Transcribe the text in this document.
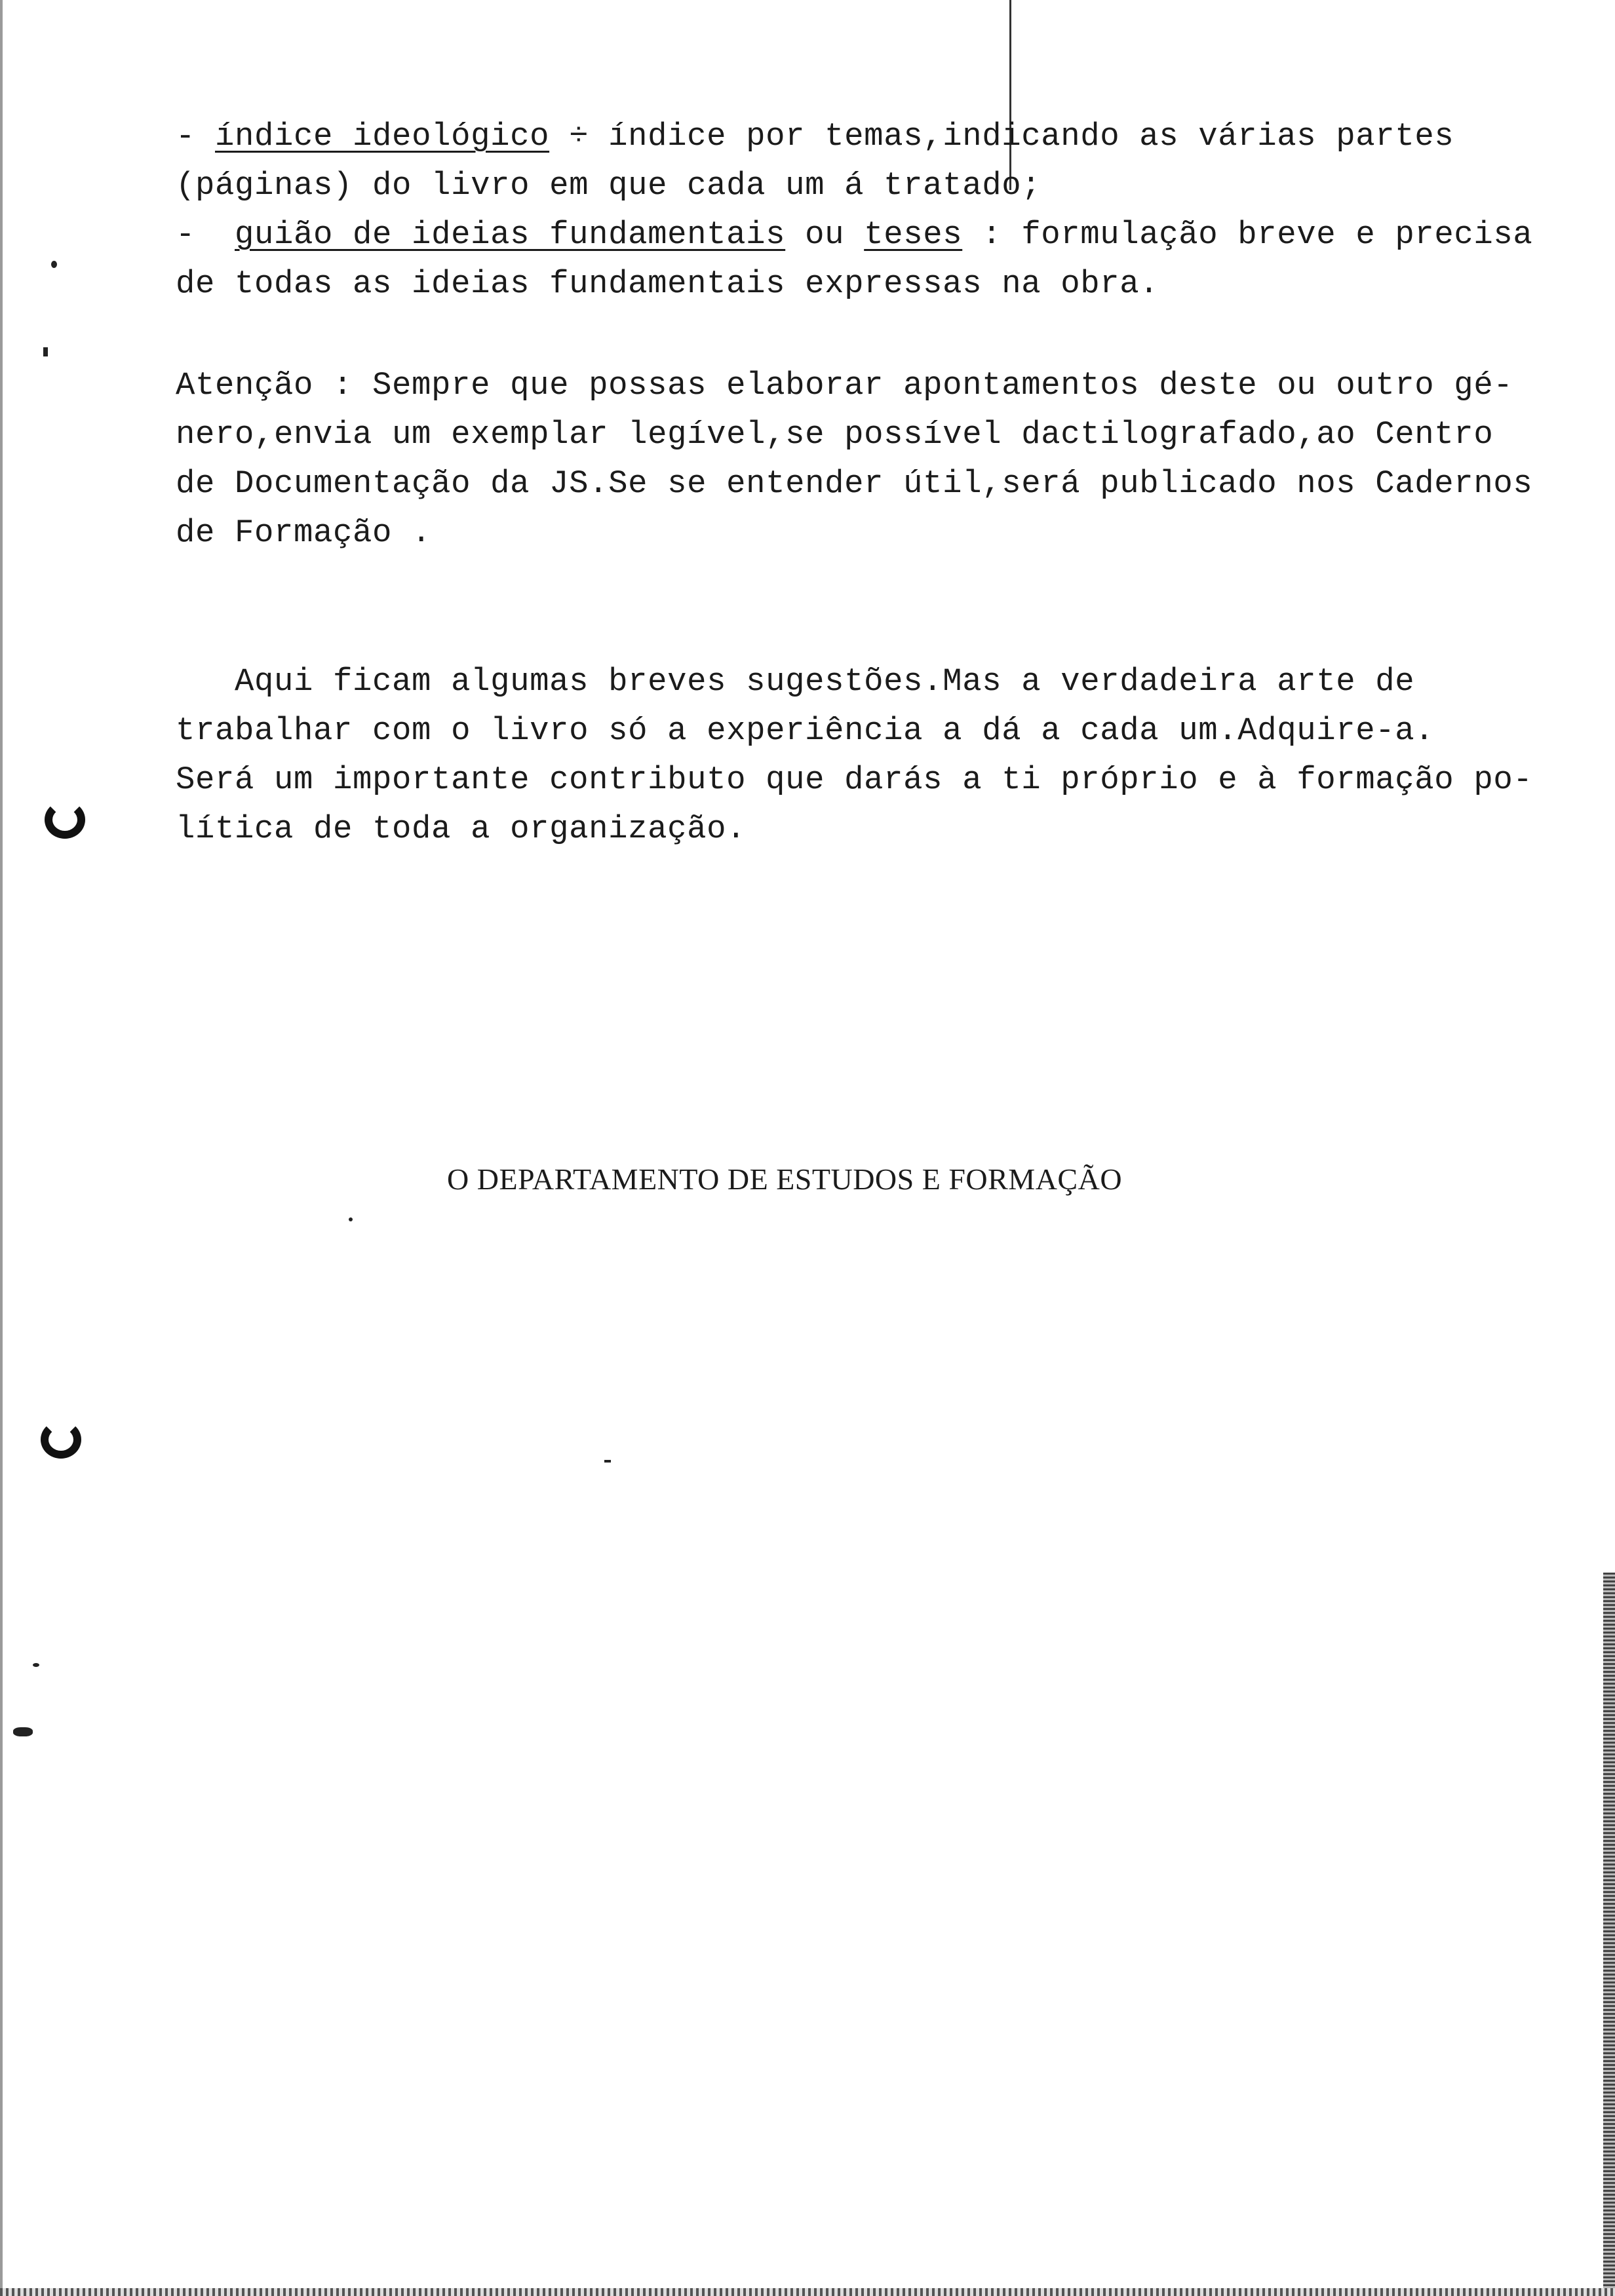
- índice ideológico ÷ índice por temas,indicando as várias partes
(páginas) do livro em que cada um á tratado;
-  guião de ideias fundamentais ou teses : formulação breve e precisa
de todas as ideias fundamentais expressas na obra.
Atenção : Sempre que possas elaborar apontamentos deste ou outro gé-
nero,envia um exemplar legível,se possível dactilografado,ao Centro
de Documentação da JS.Se se entender útil,será publicado nos Cadernos
de Formação .
Aqui ficam algumas breves sugestões.Mas a verdadeira arte de
trabalhar com o livro só a experiência a dá a cada um.Adquire-a.
Será um importante contributo que darás a ti próprio e à formação po-
lítica de toda a organização.
O DEPARTAMENTO DE ESTUDOS E FORMAÇÃO
